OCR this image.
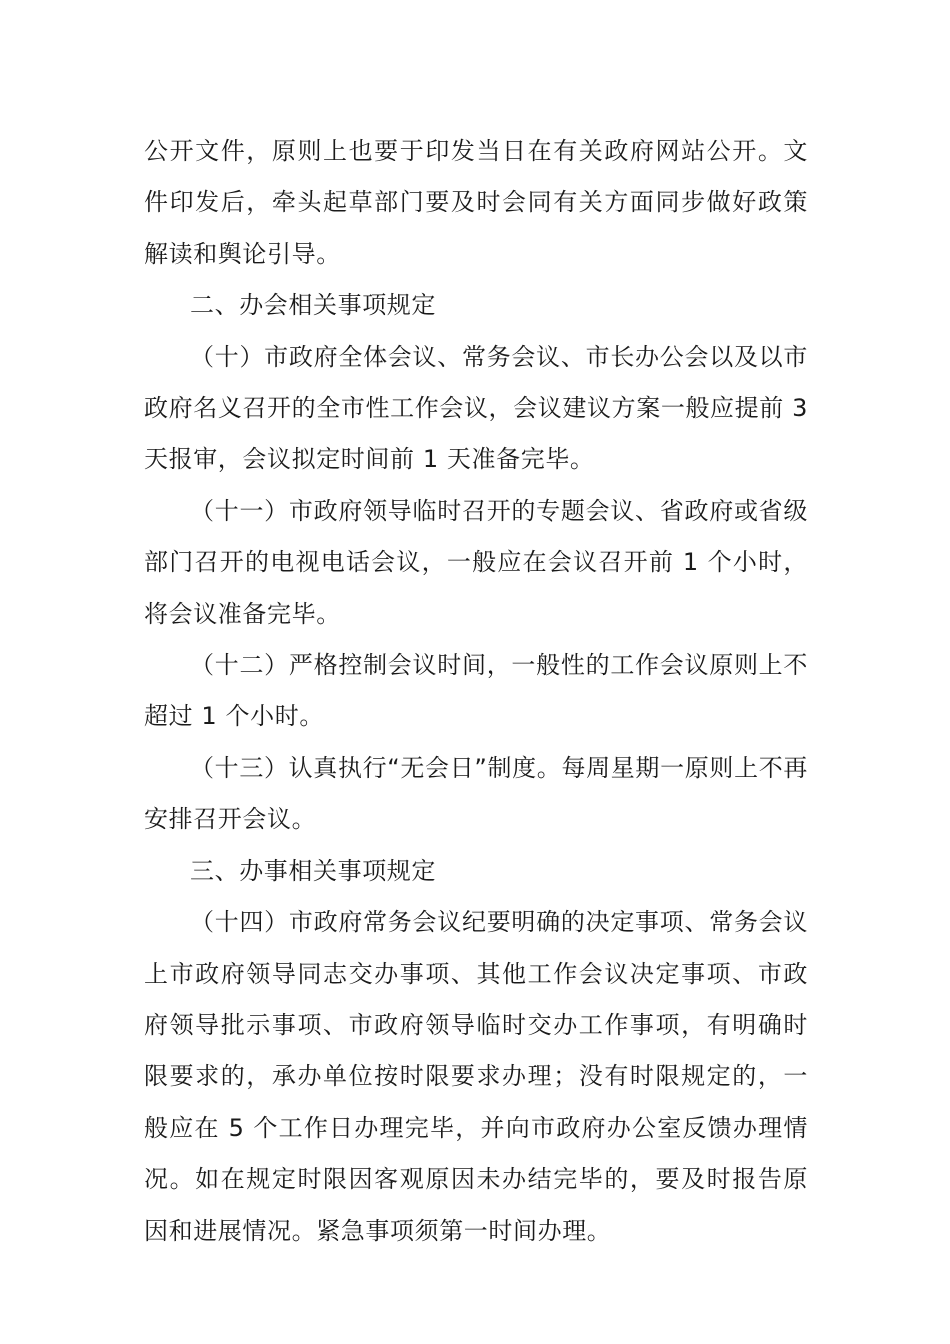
公开文件，原则上也要于印发当日在有关政府网站公开。文件印发后，牵头起草部门要及时会同有关方面同步做好政策解读和舆论引导。

二、办会相关事项规定

（十）市政府全体会议、常务会议、市长办公会以及以市政府名义召开的全市性工作会议，会议建议方案一般应提前 3 天报审，会议拟定时间前 1 天准备完毕。

（十一）市政府领导临时召开的专题会议、省政府或省级部门召开的电视电话会议，一般应在会议召开前 1 个小时，将会议准备完毕。

（十二）严格控制会议时间，一般性的工作会议原则上不超过 1 个小时。

（十三）认真执行“无会日”制度。每周星期一原则上不再安排召开会议。

三、办事相关事项规定

（十四）市政府常务会议纪要明确的决定事项、常务会议上市政府领导同志交办事项、其他工作会议决定事项、市政府领导批示事项、市政府领导临时交办工作事项，有明确时限要求的，承办单位按时限要求办理；没有时限规定的，一般应在 5 个工作日办理完毕，并向市政府办公室反馈办理情况。如在规定时限因客观原因未办结完毕的，要及时报告原因和进展情况。紧急事项须第一时间办理。
